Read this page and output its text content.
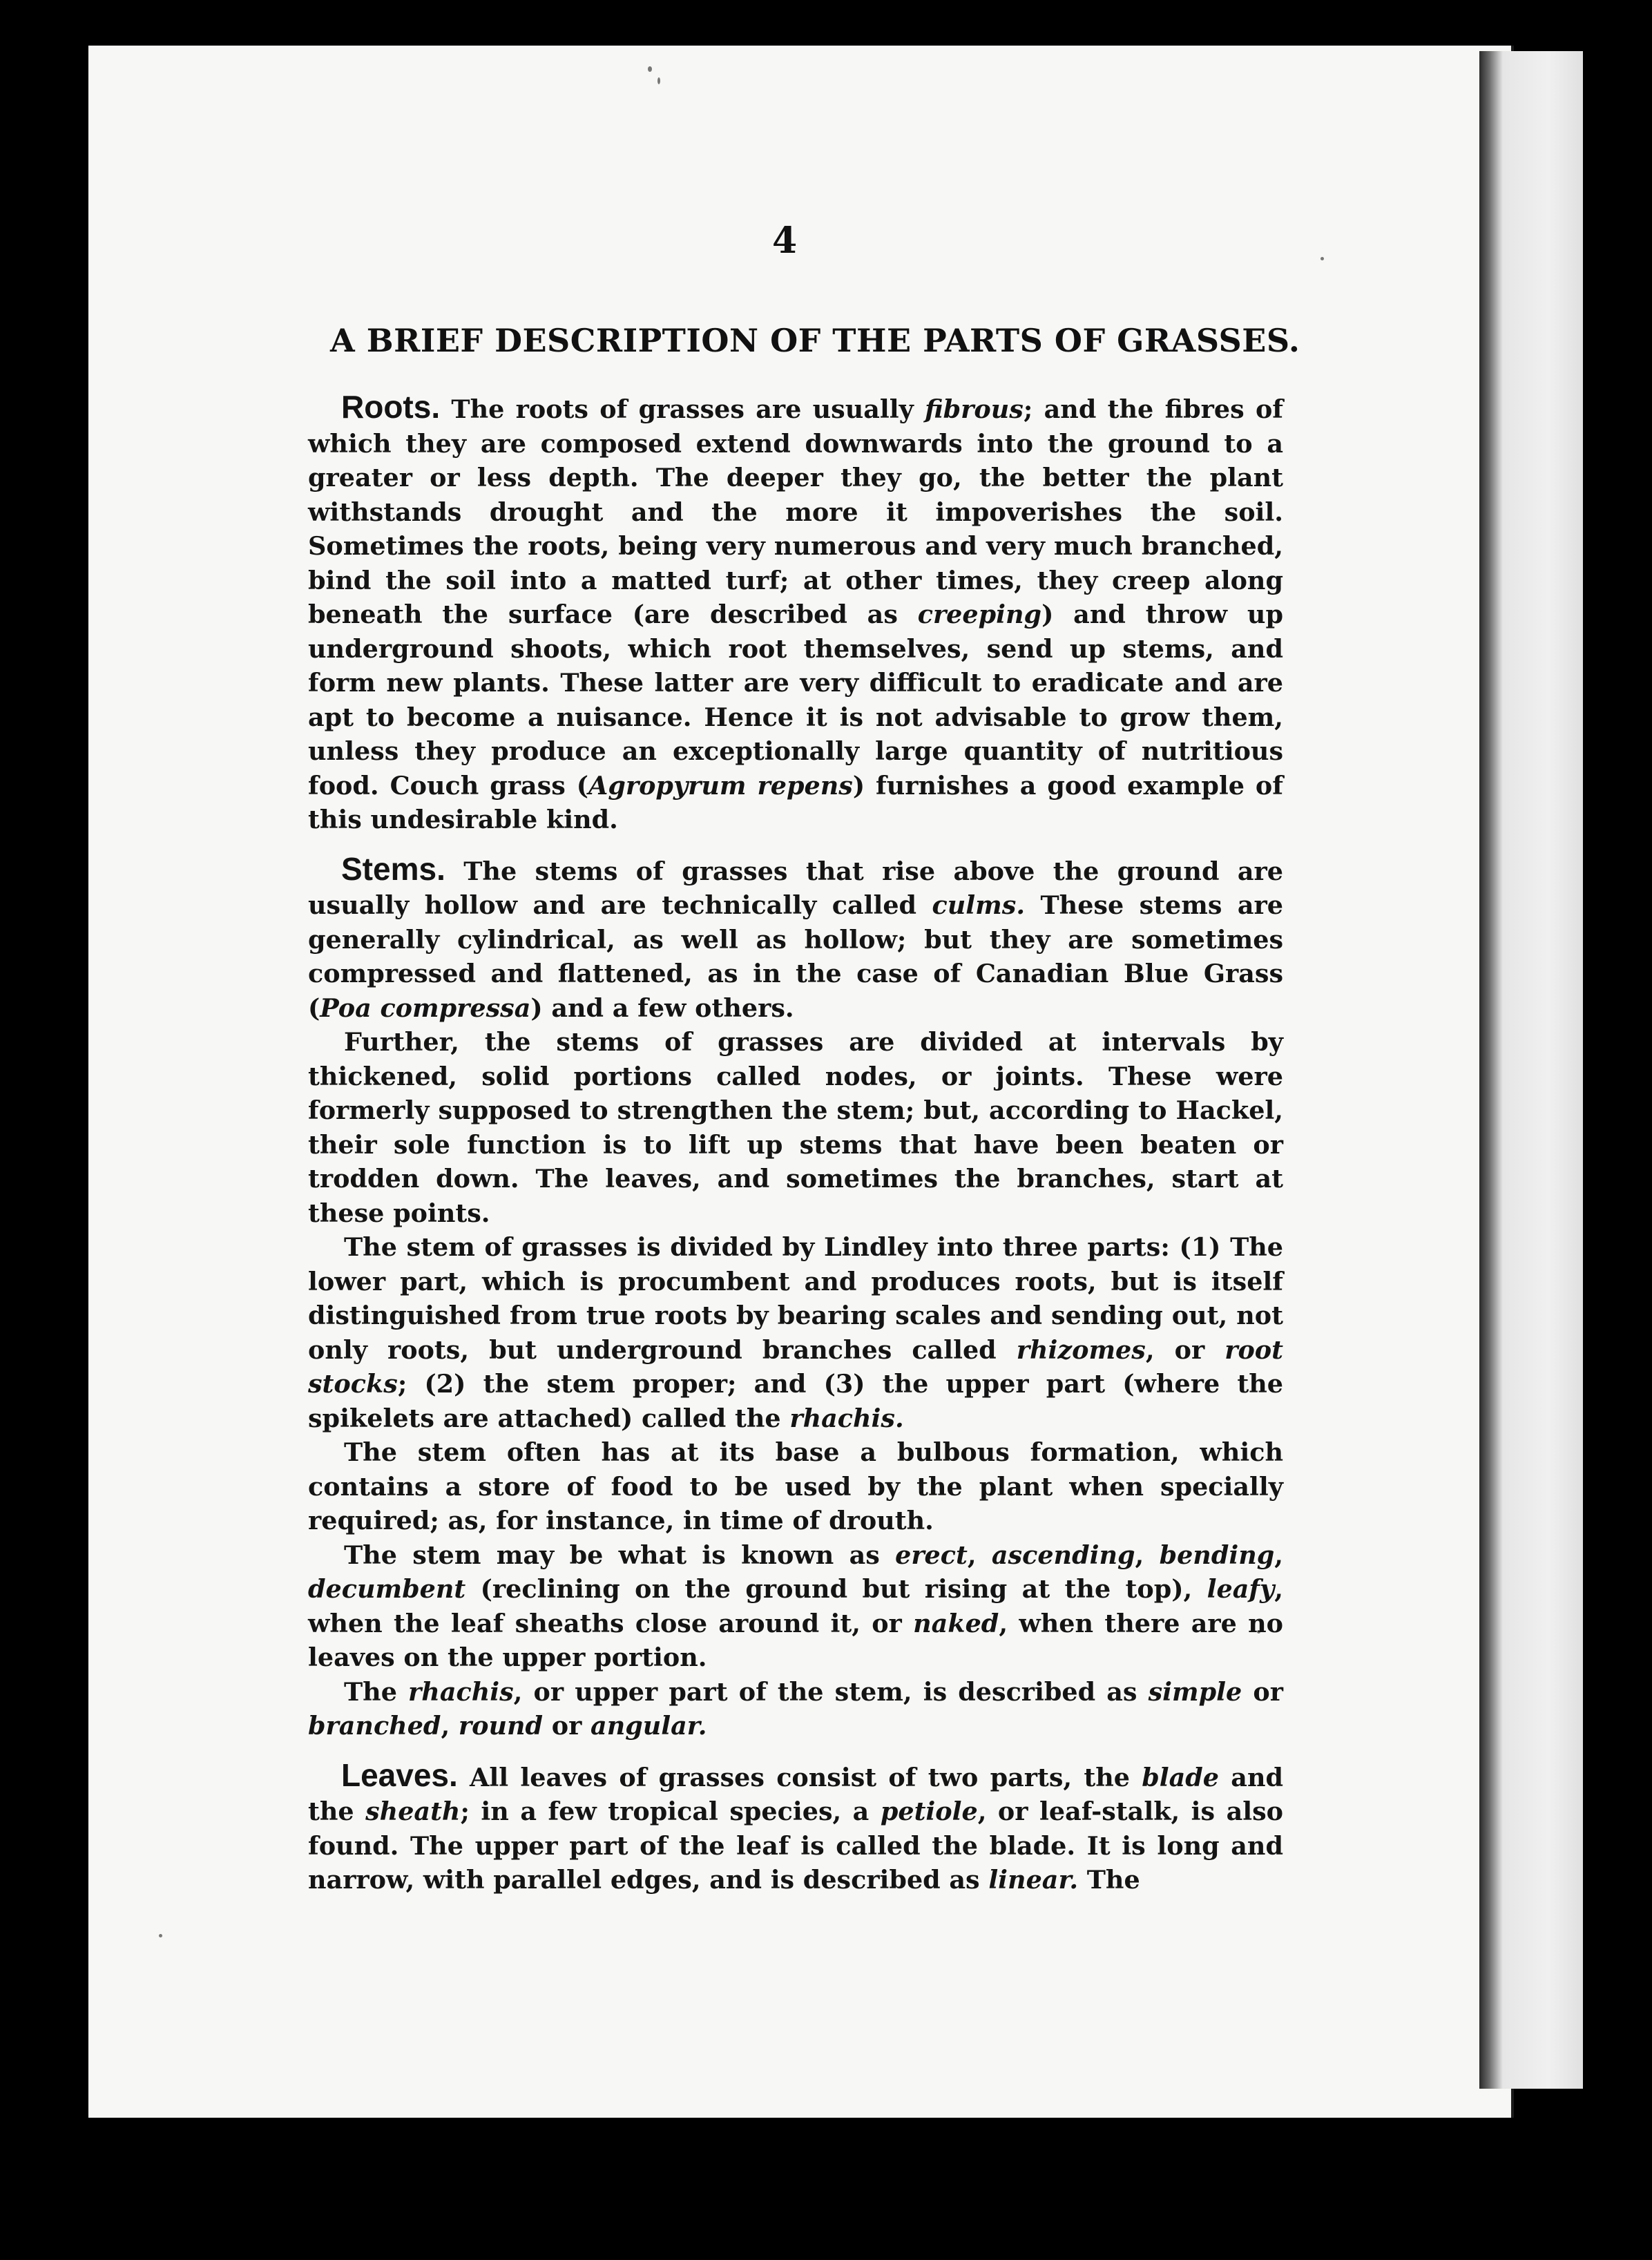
4
A BRIEF DESCRIPTION OF THE PARTS OF GRASSES.

Roots. The roots of grasses are usually fibrous; and the fibres of which they are composed extend downwards into the ground to a greater or less depth. The deeper they go, the better the plant withstands drought and the more it impoverishes the soil. Sometimes the roots, being very numerous and very much branched, bind the soil into a matted turf; at other times, they creep along beneath the surface (are described as creeping) and throw up underground shoots, which root themselves, send up stems, and form new plants. These latter are very difficult to eradicate and are apt to become a nuisance. Hence it is not advisable to grow them, unless they produce an exceptionally large quantity of nutritious food. Couch grass (Agropyrum repens) furnishes a good example of this undesirable kind.

Stems. The stems of grasses that rise above the ground are usually hollow and are technically called culms. These stems are generally cylindrical, as well as hollow; but they are sometimes compressed and flattened, as in the case of Canadian Blue Grass (Poa compressa) and a few others.

Further, the stems of grasses are divided at intervals by thickened, solid portions called nodes, or joints. These were formerly supposed to strengthen the stem; but, according to Hackel, their sole function is to lift up stems that have been beaten or trodden down. The leaves, and sometimes the branches, start at these points.

The stem of grasses is divided by Lindley into three parts: (1) The lower part, which is procumbent and produces roots, but is itself distinguished from true roots by bearing scales and sending out, not only roots, but underground branches called rhizomes, or root stocks; (2) the stem proper; and (3) the upper part (where the spikelets are attached) called the rhachis.

The stem often has at its base a bulbous formation, which contains a store of food to be used by the plant when specially required; as, for instance, in time of drouth.

The stem may be what is known as erect, ascending, bending, decumbent (reclining on the ground but rising at the top), leafy, when the leaf sheaths close around it, or naked, when there are no leaves on the upper portion.

The rhachis, or upper part of the stem, is described as simple or branched, round or angular.

Leaves. All leaves of grasses consist of two parts, the blade and the sheath; in a few tropical species, a petiole, or leaf-stalk, is also found. The upper part of the leaf is called the blade. It is long and narrow, with parallel edges, and is described as linear. The
